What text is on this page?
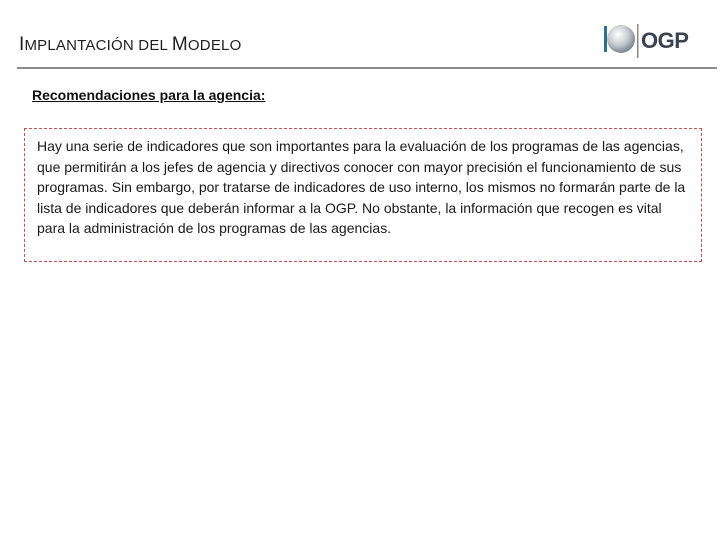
IMPLANTACIÓN DEL MODELO	OGP
Recomendaciones para la agencia:
Hay una serie de indicadores que son importantes para la evaluación de los programas de las agencias, que permitirán a los jefes de agencia y directivos conocer con mayor precisión el funcionamiento de sus programas. Sin embargo, por tratarse de indicadores de uso interno, los mismos no formarán parte de la lista de indicadores que deberán informar a la OGP. No obstante, la información que recogen es vital para la administración de los programas de las agencias.
